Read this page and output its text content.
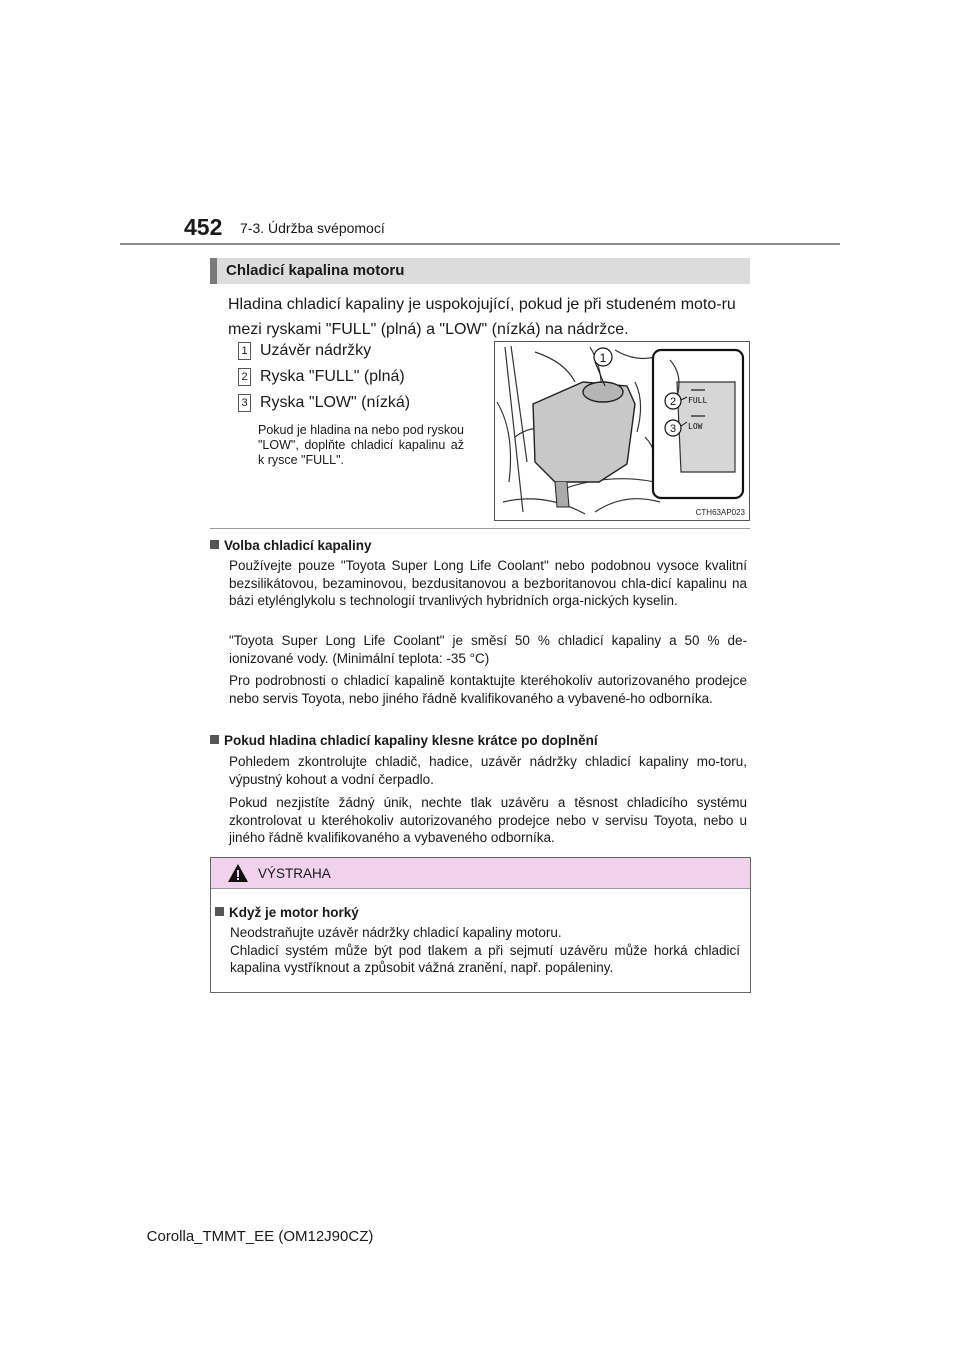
452 7-3. Údržba svépomocí
Chladicí kapalina motoru
Hladina chladicí kapaliny je uspokojující, pokud je při studeném moto-ru mezi ryskami "FULL" (plná) a "LOW" (nízká) na nádržce.
1 Uzávěr nádržky
2 Ryska "FULL" (plná)
3 Ryska "LOW" (nízká)
Pokud je hladina na nebo pod ryskou "LOW", doplňte chladicí kapalinu až k rysce "FULL".
FULL
LOW
1
2
3
CTH63AP023
Volba chladicí kapaliny
Používejte pouze "Toyota Super Long Life Coolant" nebo podobnou vysoce kvalitní bezsilikátovou, bezaminovou, bezdusitanovou a bezboritanovou chla-dicí kapalinu na bázi etylénglykolu s technologií trvanlivých hybridních orga-nických kyselin.
"Toyota Super Long Life Coolant" je směsí 50 % chladicí kapaliny a 50 % de-ionizované vody. (Minimální teplota: -35 °C)
Pro podrobnosti o chladicí kapalině kontaktujte kteréhokoliv autorizovaného prodejce nebo servis Toyota, nebo jiného řádně kvalifikovaného a vybavené-ho odborníka.
Pokud hladina chladicí kapaliny klesne krátce po doplnění
Pohledem zkontrolujte chladič, hadice, uzávěr nádržky chladicí kapaliny mo-toru, výpustný kohout a vodní čerpadlo.
Pokud nezjistíte žádný únik, nechte tlak uzávěru a těsnost chladicího systému zkontrolovat u kteréhokoliv autorizovaného prodejce nebo v servisu Toyota, nebo u jiného řádně kvalifikovaného a vybaveného odborníka.
VÝSTRAHA
Když je motor horký
Neodstraňujte uzávěr nádržky chladicí kapaliny motoru.
Chladicí systém může být pod tlakem a při sejmutí uzávěru může horká chladicí kapalina vystříknout a způsobit vážná zranění, např. popáleniny.
Corolla_TMMT_EE (OM12J90CZ)
